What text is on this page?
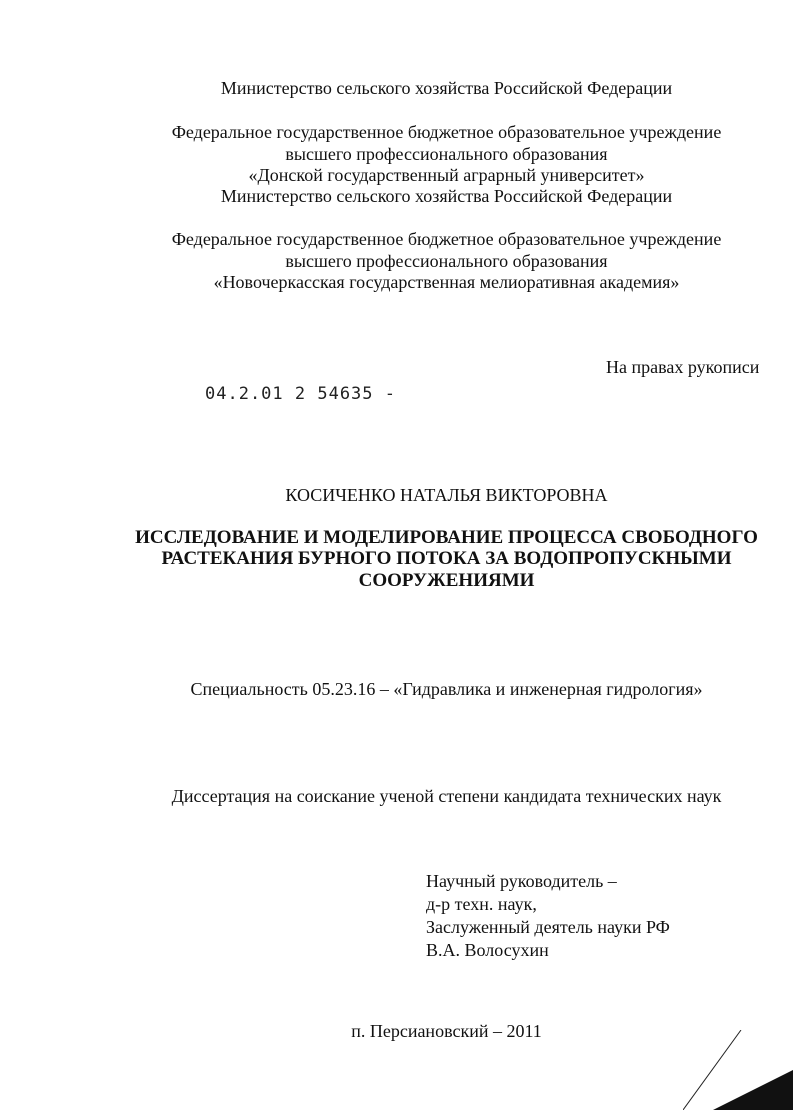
Министерство сельского хозяйства Российской Федерации
Федеральное государственное бюджетное образовательное учреждение
высшего профессионального образования
«Донской государственный аграрный университет»
Министерство сельского хозяйства Российской Федерации
Федеральное государственное бюджетное образовательное учреждение
высшего профессионального образования
«Новочеркасская государственная мелиоративная академия»
На правах рукописи
04.2.01 2 54635 -
КОСИЧЕНКО НАТАЛЬЯ ВИКТОРОВНА
ИССЛЕДОВАНИЕ И МОДЕЛИРОВАНИЕ ПРОЦЕССА СВОБОДНОГО
РАСТЕКАНИЯ БУРНОГО ПОТОКА ЗА ВОДОПРОПУСКНЫМИ
СООРУЖЕНИЯМИ
Специальность 05.23.16 – «Гидравлика и инженерная гидрология»
Диссертация на соискание ученой степени кандидата технических наук
Научный руководитель –
д-р техн. наук,
Заслуженный деятель науки РФ
В.А. Волосухин
п. Персиановский – 2011
